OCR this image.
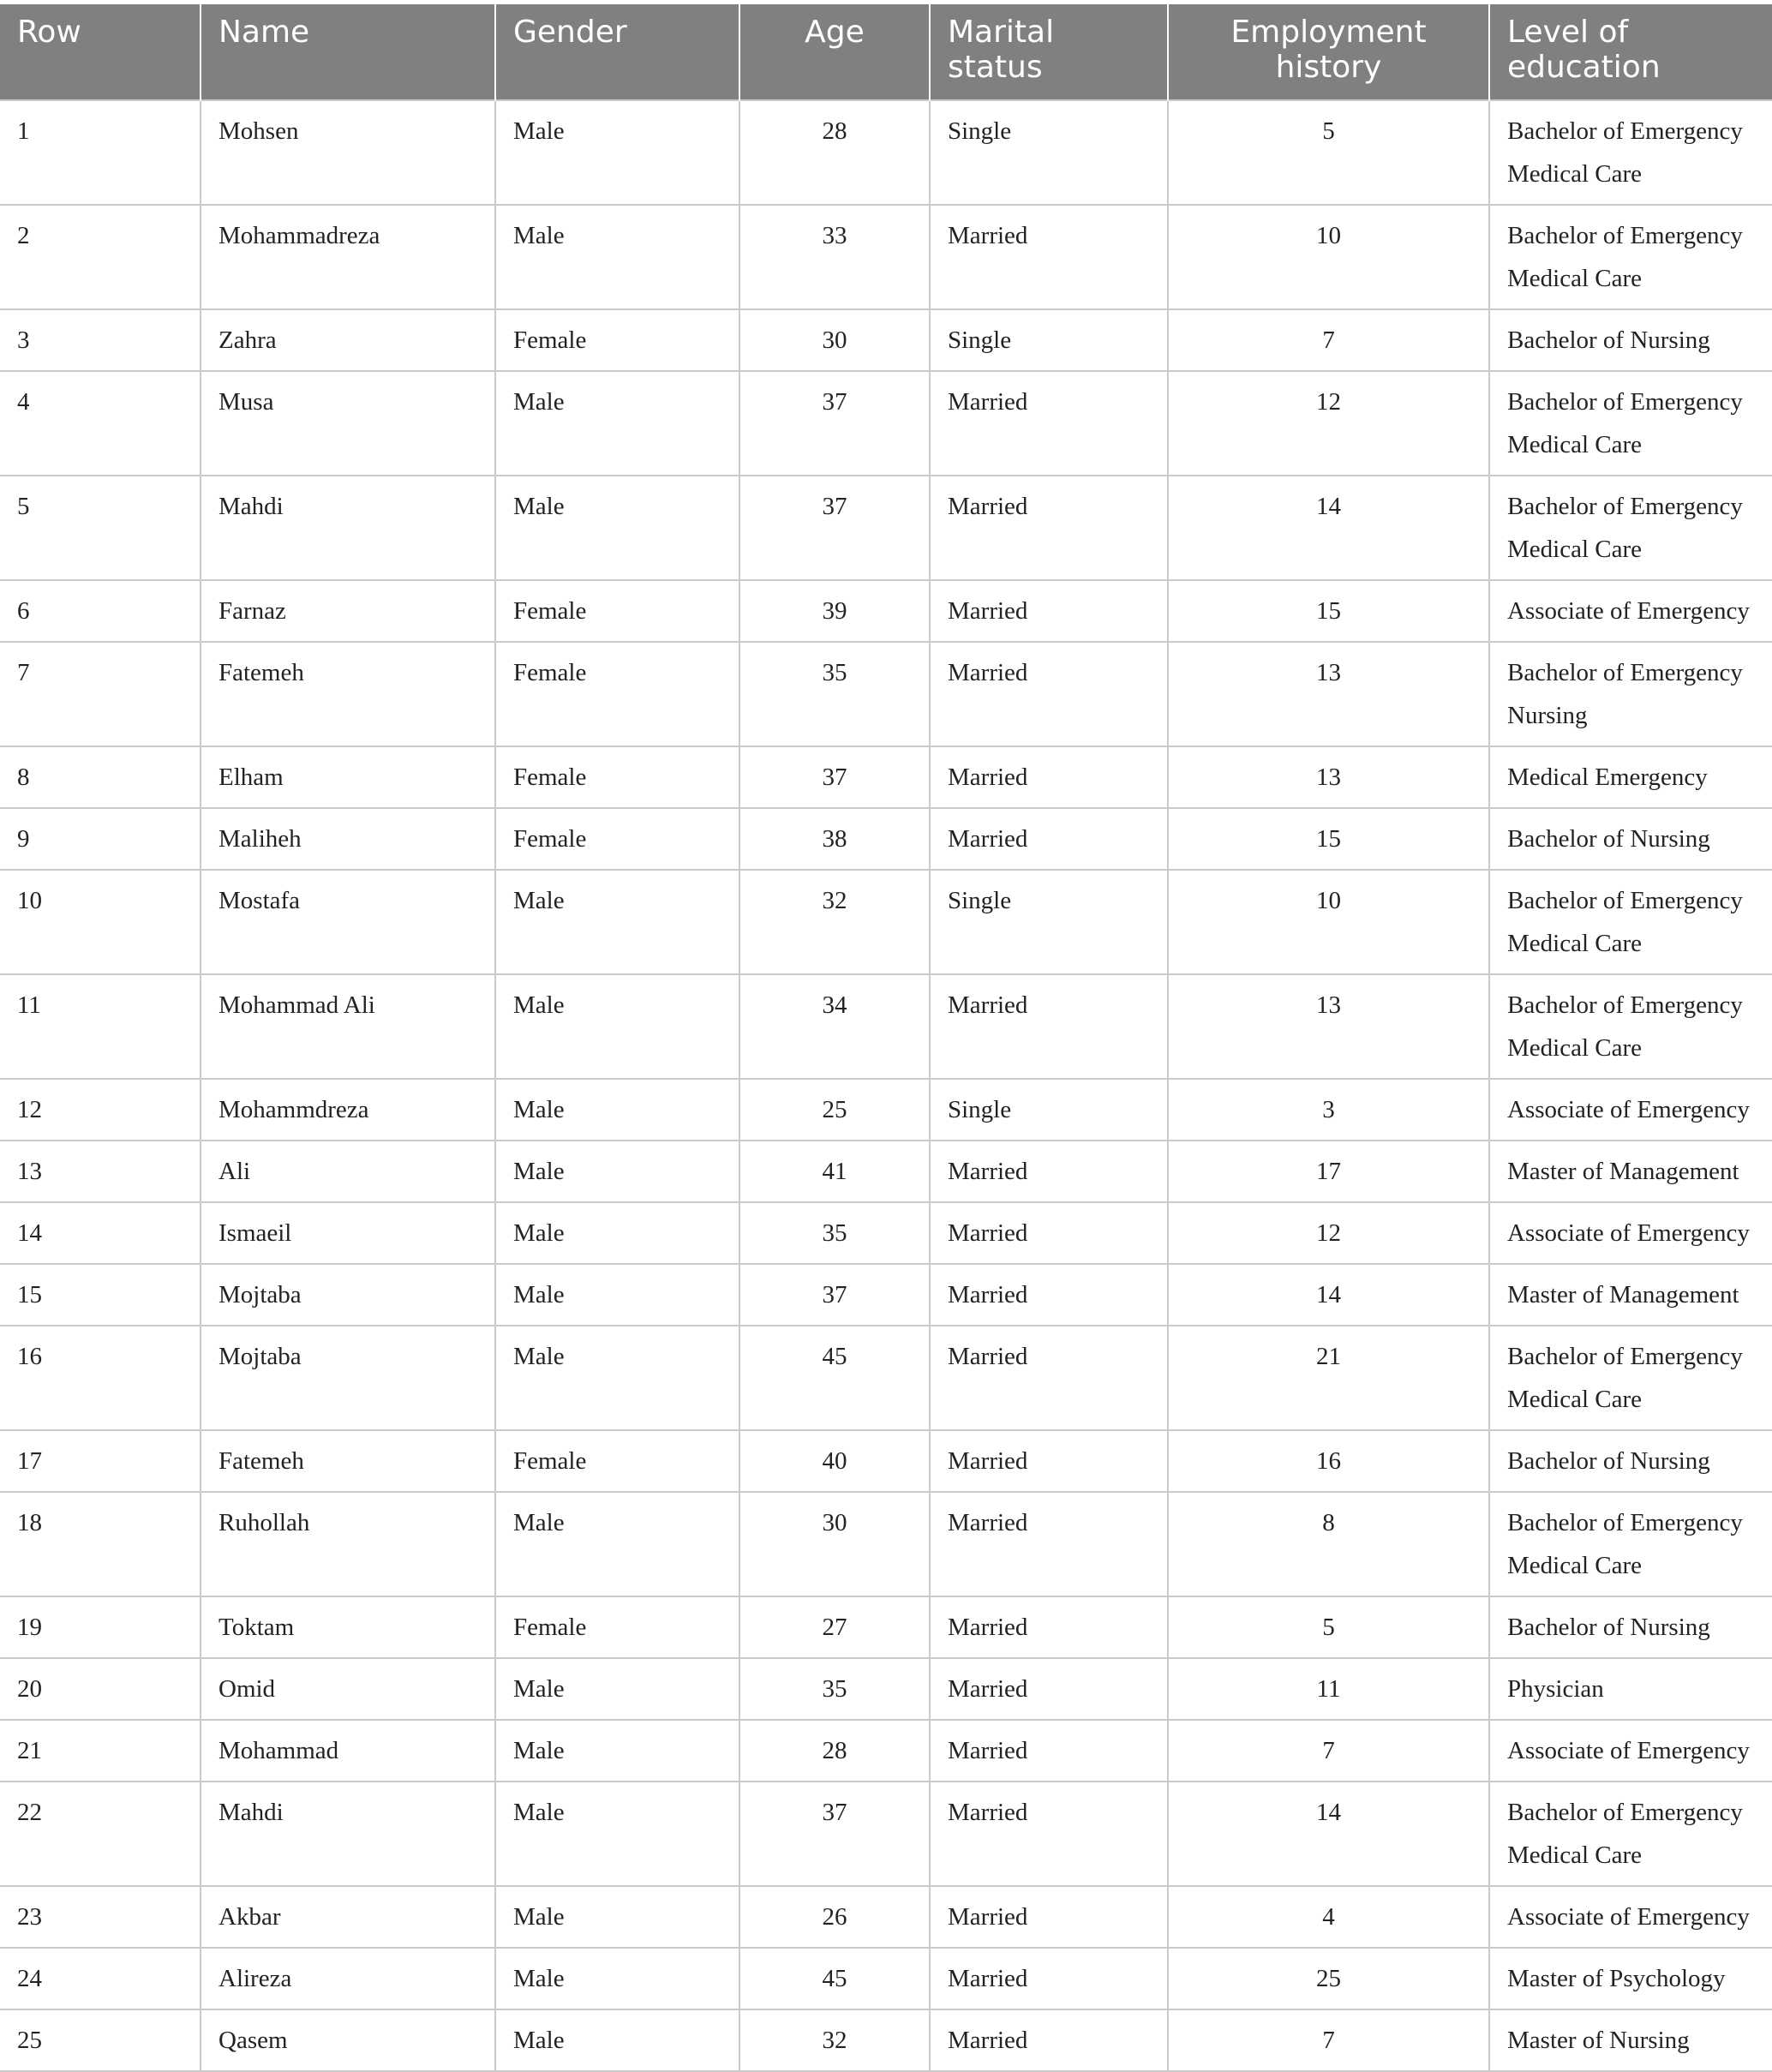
Row	Name	Gender	Age	Marital status	Employment history	Level of education
1	Mohsen	Male	28	Single	5	Bachelor of Emergency Medical Care
2	Mohammadreza	Male	33	Married	10	Bachelor of Emergency Medical Care
3	Zahra	Female	30	Single	7	Bachelor of Nursing
4	Musa	Male	37	Married	12	Bachelor of Emergency Medical Care
5	Mahdi	Male	37	Married	14	Bachelor of Emergency Medical Care
6	Farnaz	Female	39	Married	15	Associate of Emergency
7	Fatemeh	Female	35	Married	13	Bachelor of Emergency Nursing
8	Elham	Female	37	Married	13	Medical Emergency
9	Maliheh	Female	38	Married	15	Bachelor of Nursing
10	Mostafa	Male	32	Single	10	Bachelor of Emergency Medical Care
11	Mohammad Ali	Male	34	Married	13	Bachelor of Emergency Medical Care
12	Mohammdreza	Male	25	Single	3	Associate of Emergency
13	Ali	Male	41	Married	17	Master of Management
14	Ismaeil	Male	35	Married	12	Associate of Emergency
15	Mojtaba	Male	37	Married	14	Master of Management
16	Mojtaba	Male	45	Married	21	Bachelor of Emergency Medical Care
17	Fatemeh	Female	40	Married	16	Bachelor of Nursing
18	Ruhollah	Male	30	Married	8	Bachelor of Emergency Medical Care
19	Toktam	Female	27	Married	5	Bachelor of Nursing
20	Omid	Male	35	Married	11	Physician
21	Mohammad	Male	28	Married	7	Associate of Emergency
22	Mahdi	Male	37	Married	14	Bachelor of Emergency Medical Care
23	Akbar	Male	26	Married	4	Associate of Emergency
24	Alireza	Male	45	Married	25	Master of Psychology
25	Qasem	Male	32	Married	7	Master of Nursing
